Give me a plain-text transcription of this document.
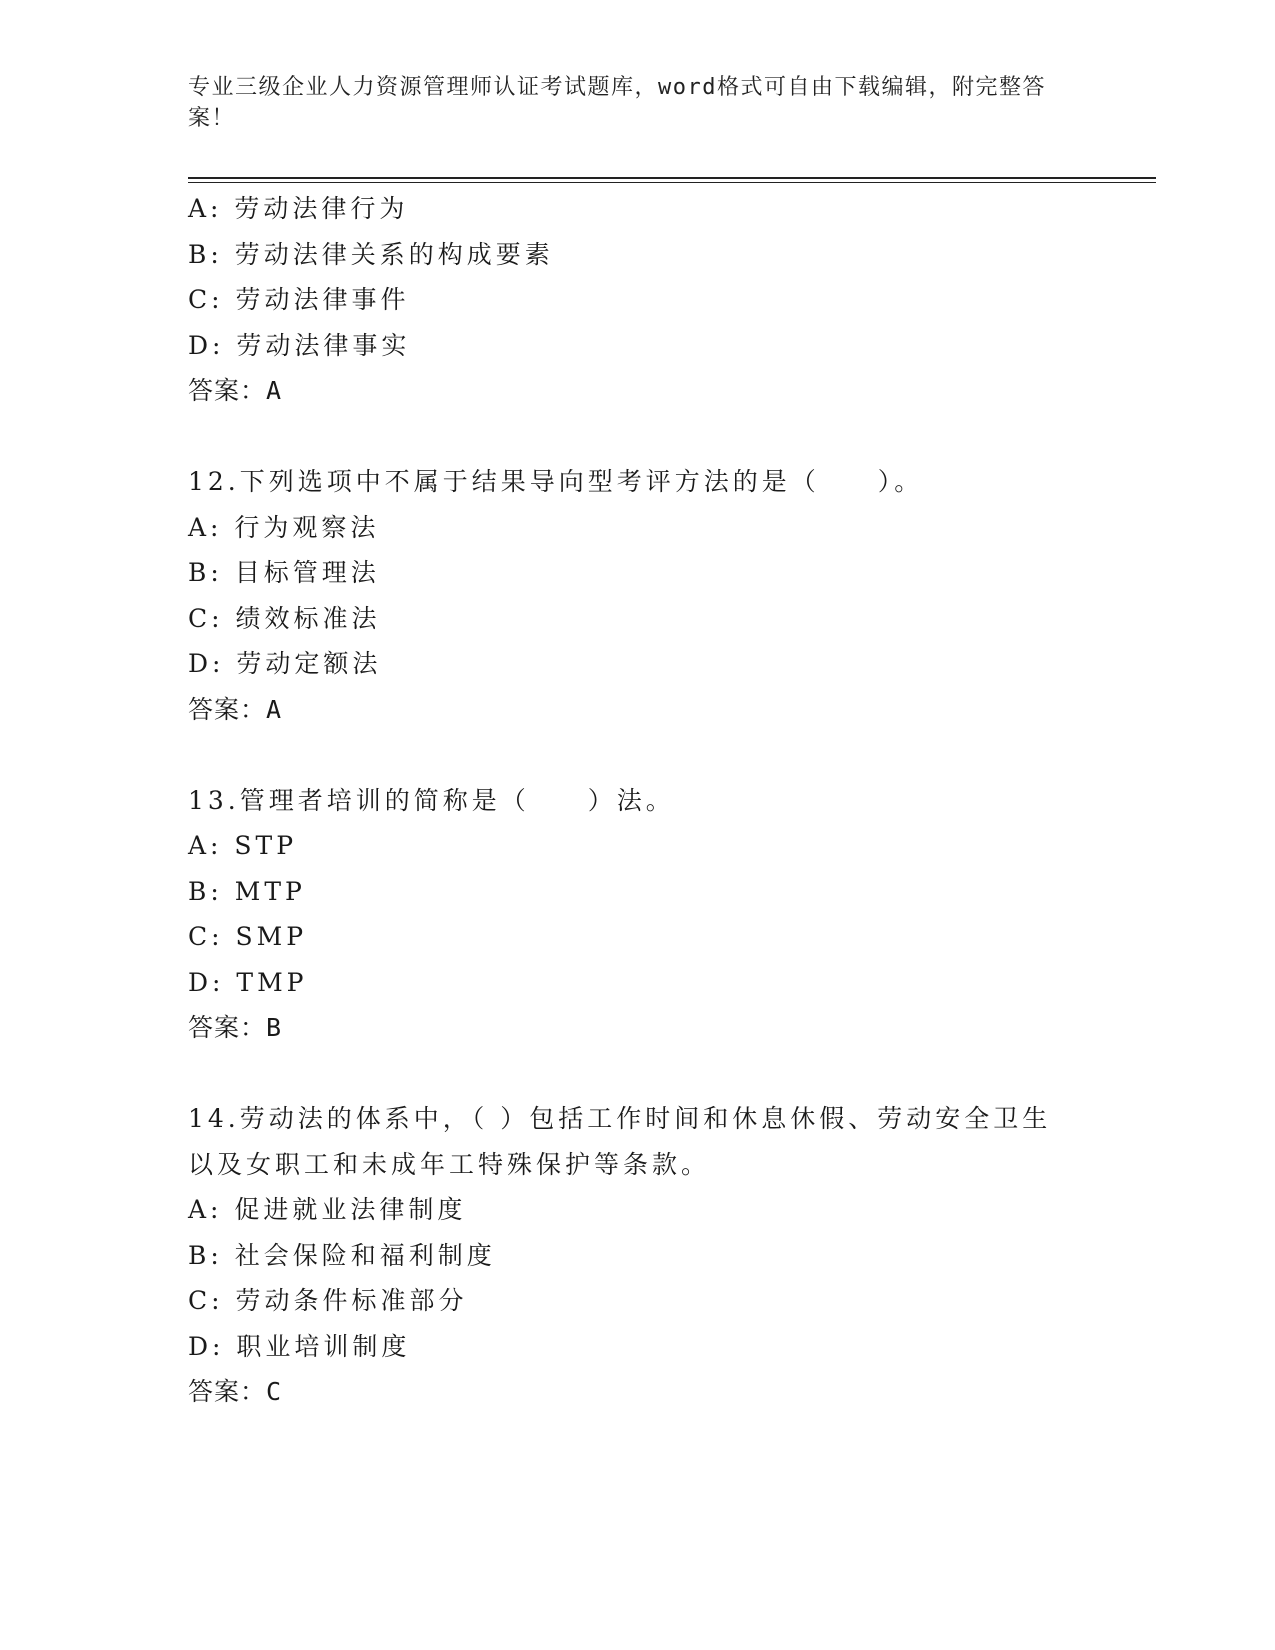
专业三级企业人力资源管理师认证考试题库，word格式可自由下载编辑，附完整答案！
A: 劳动法律行为
B: 劳动法律关系的构成要素
C: 劳动法律事件
D: 劳动法律事实
答案：A
12.下列选项中不属于结果导向型考评方法的是（　　）。
A: 行为观察法
B: 目标管理法
C: 绩效标准法
D: 劳动定额法
答案：A
13.管理者培训的简称是（　　）法。
A: STP
B: MTP
C: SMP
D: TMP
答案：B
14.劳动法的体系中，（ ）包括工作时间和休息休假、劳动安全卫生以及女职工和未成年工特殊保护等条款。
A: 促进就业法律制度
B: 社会保险和福利制度
C: 劳动条件标准部分
D: 职业培训制度
答案：C
